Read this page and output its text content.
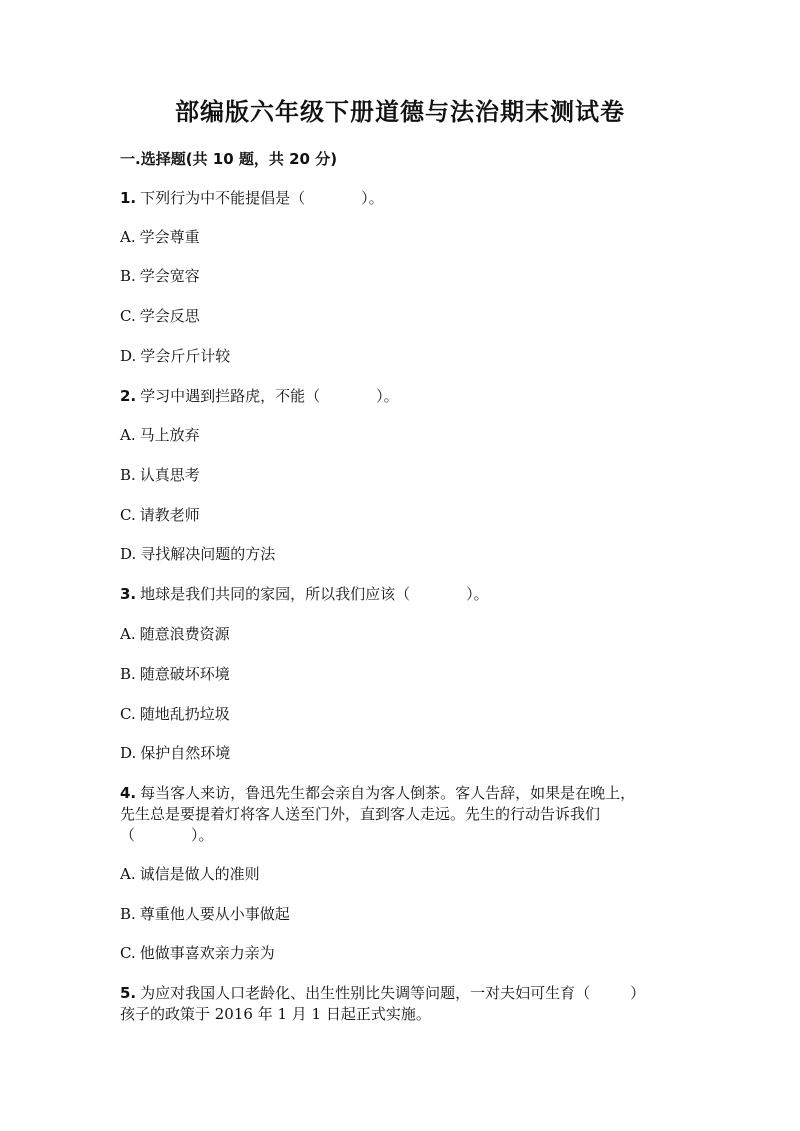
部编版六年级下册道德与法治期末测试卷
一.选择题(共 10 题，共 20 分)
1. 下列行为中不能提倡是（	）。
A. 学会尊重
B. 学会宽容
C. 学会反思
D. 学会斤斤计较
2. 学习中遇到拦路虎，不能（	）。
A. 马上放弃
B. 认真思考
C. 请教老师
D. 寻找解决问题的方法
3. 地球是我们共同的家园，所以我们应该（	）。
A. 随意浪费资源
B. 随意破坏环境
C. 随地乱扔垃圾
D. 保护自然环境
4. 每当客人来访，鲁迅先生都会亲自为客人倒茶。客人告辞，如果是在晚上，
先生总是要提着灯将客人送至门外，直到客人走远。先生的行动告诉我们
（	）。
A. 诚信是做人的准则
B. 尊重他人要从小事做起
C. 他做事喜欢亲力亲为
5. 为应对我国人口老龄化、出生性别比失调等问题，一对夫妇可生育（	）
孩子的政策于 2016 年 1 月 1 日起正式实施。
